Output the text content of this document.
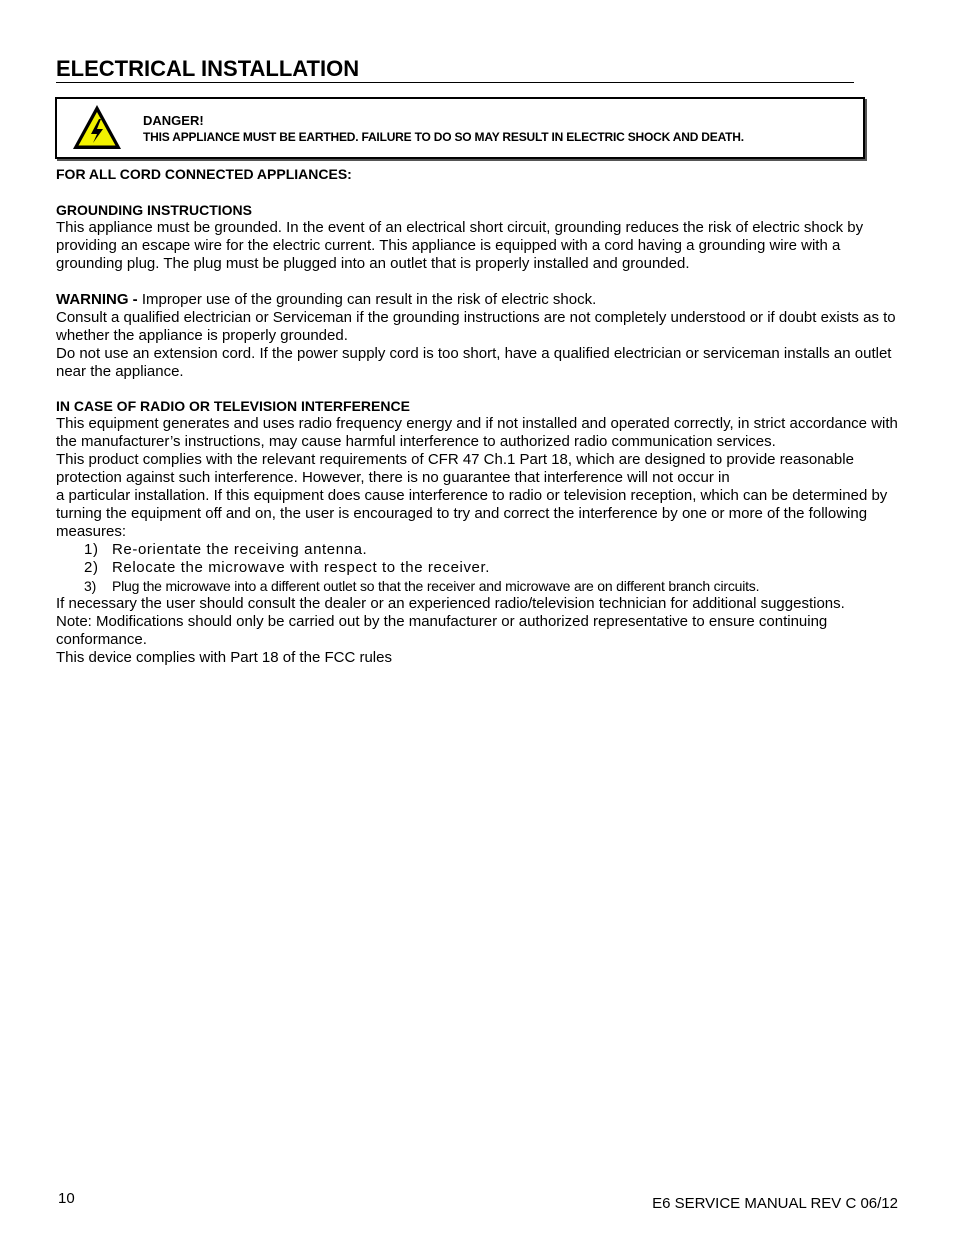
ELECTRICAL INSTALLATION
DANGER!
THIS APPLIANCE MUST BE EARTHED. FAILURE TO DO SO MAY RESULT IN ELECTRIC SHOCK AND DEATH.

FOR ALL CORD CONNECTED APPLIANCES:

GROUNDING INSTRUCTIONS

This appliance must be grounded. In the event of an electrical short circuit, grounding reduces the risk of electric shock by providing an escape wire for the electric current. This appliance is equipped with a cord having a grounding wire with a grounding plug. The plug must be plugged into an outlet that is properly installed and grounded.

WARNING - Improper use of the grounding can result in the risk of electric shock.

Consult a qualified electrician or Serviceman if the grounding instructions are not completely understood or if doubt exists as to whether the appliance is properly grounded.

Do not use an extension cord. If the power supply cord is too short, have a qualified electrician or serviceman installs an outlet near the appliance.

IN CASE OF RADIO OR TELEVISION INTERFERENCE

This equipment generates and uses radio frequency energy and if not installed and operated correctly, in strict accordance with the manufacturer’s instructions, may cause harmful interference to authorized radio communication services.

This product complies with the relevant requirements of CFR 47 Ch.1 Part 18, which are designed to provide reasonable protection against such interference. However, there is no guarantee that interference will not occur in

a particular installation. If this equipment does cause interference to radio or television reception, which can be determined by turning the equipment off and on, the user is encouraged to try and correct the interference by one or more of the following measures:

1) Re-orientate the receiving antenna.
2) Relocate the microwave with respect to the receiver.
3) Plug the microwave into a different outlet so that the receiver and microwave are on different branch circuits.

If necessary the user should consult the dealer or an experienced radio/television technician for additional suggestions.

Note: Modifications should only be carried out by the manufacturer or authorized representative to ensure continuing conformance.

This device complies with Part 18 of the FCC rules

10	E6 SERVICE MANUAL REV C 06/12
